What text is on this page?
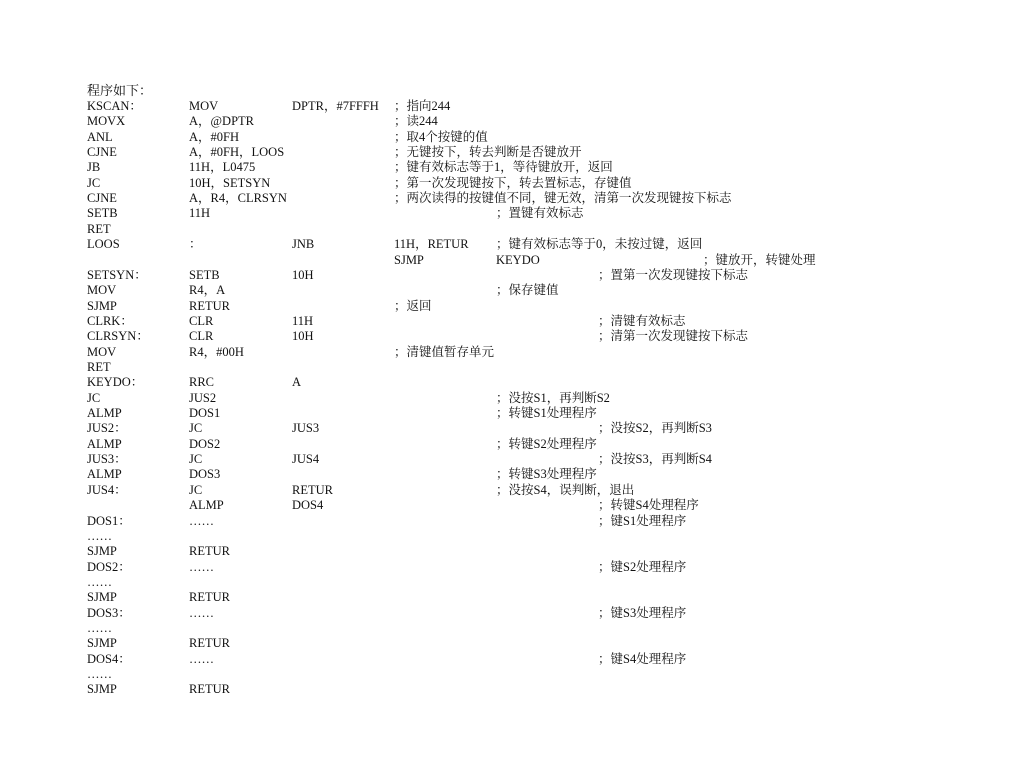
程序如下：
KSCAN：	MOV	DPTR，#7FFFH ；指向244
MOVX	A，@DPTR	；读244
ANL	A，#0FH	；取4个按键的值
CJNE	A，#0FH，LOOS	；无键按下，转去判断是否键放开
JB	11H，L0475	；键有效标志等于1，等待键放开，返回
JC	10H，SETSYN	；第一次发现键按下，转去置标志，存键值
CJNE	A，R4，CLRSYN	；两次读得的按键值不同，键无效，清第一次发现键按下标志
SETB	11H	；置键有效标志
RET
LOOS	：	JNB	11H，RETUR ；键有效标志等于0，未按过键，返回
SJMP	KEYDO	；键放开，转键处理
SETSYN：	SETB	10H	；置第一次发现键按下标志
MOV	R4，A	；保存键值
SJMP	RETUR	；返回
CLRK：	CLR	11H	；清键有效标志
CLRSYN：	CLR	10H	；清第一次发现键按下标志
MOV	R4，#00H	；清键值暂存单元
RET
KEYDO：	RRC	A
JC	JUS2	；没按S1，再判断S2
ALMP	DOS1	；转键S1处理程序
JUS2：	JC	JUS3	；没按S2，再判断S3
ALMP	DOS2	；转键S2处理程序
JUS3：	JC	JUS4	；没按S3，再判断S4
ALMP	DOS3	；转键S3处理程序
JUS4：	JC	RETUR	；没按S4，误判断，退出
ALMP	DOS4	；转键S4处理程序
DOS1：	……	；键S1处理程序
……
SJMP	RETUR
DOS2：	……	；键S2处理程序
……
SJMP	RETUR
DOS3：	……	；键S3处理程序
……
SJMP	RETUR
DOS4：	……	；键S4处理程序
……
SJMP	RETUR
